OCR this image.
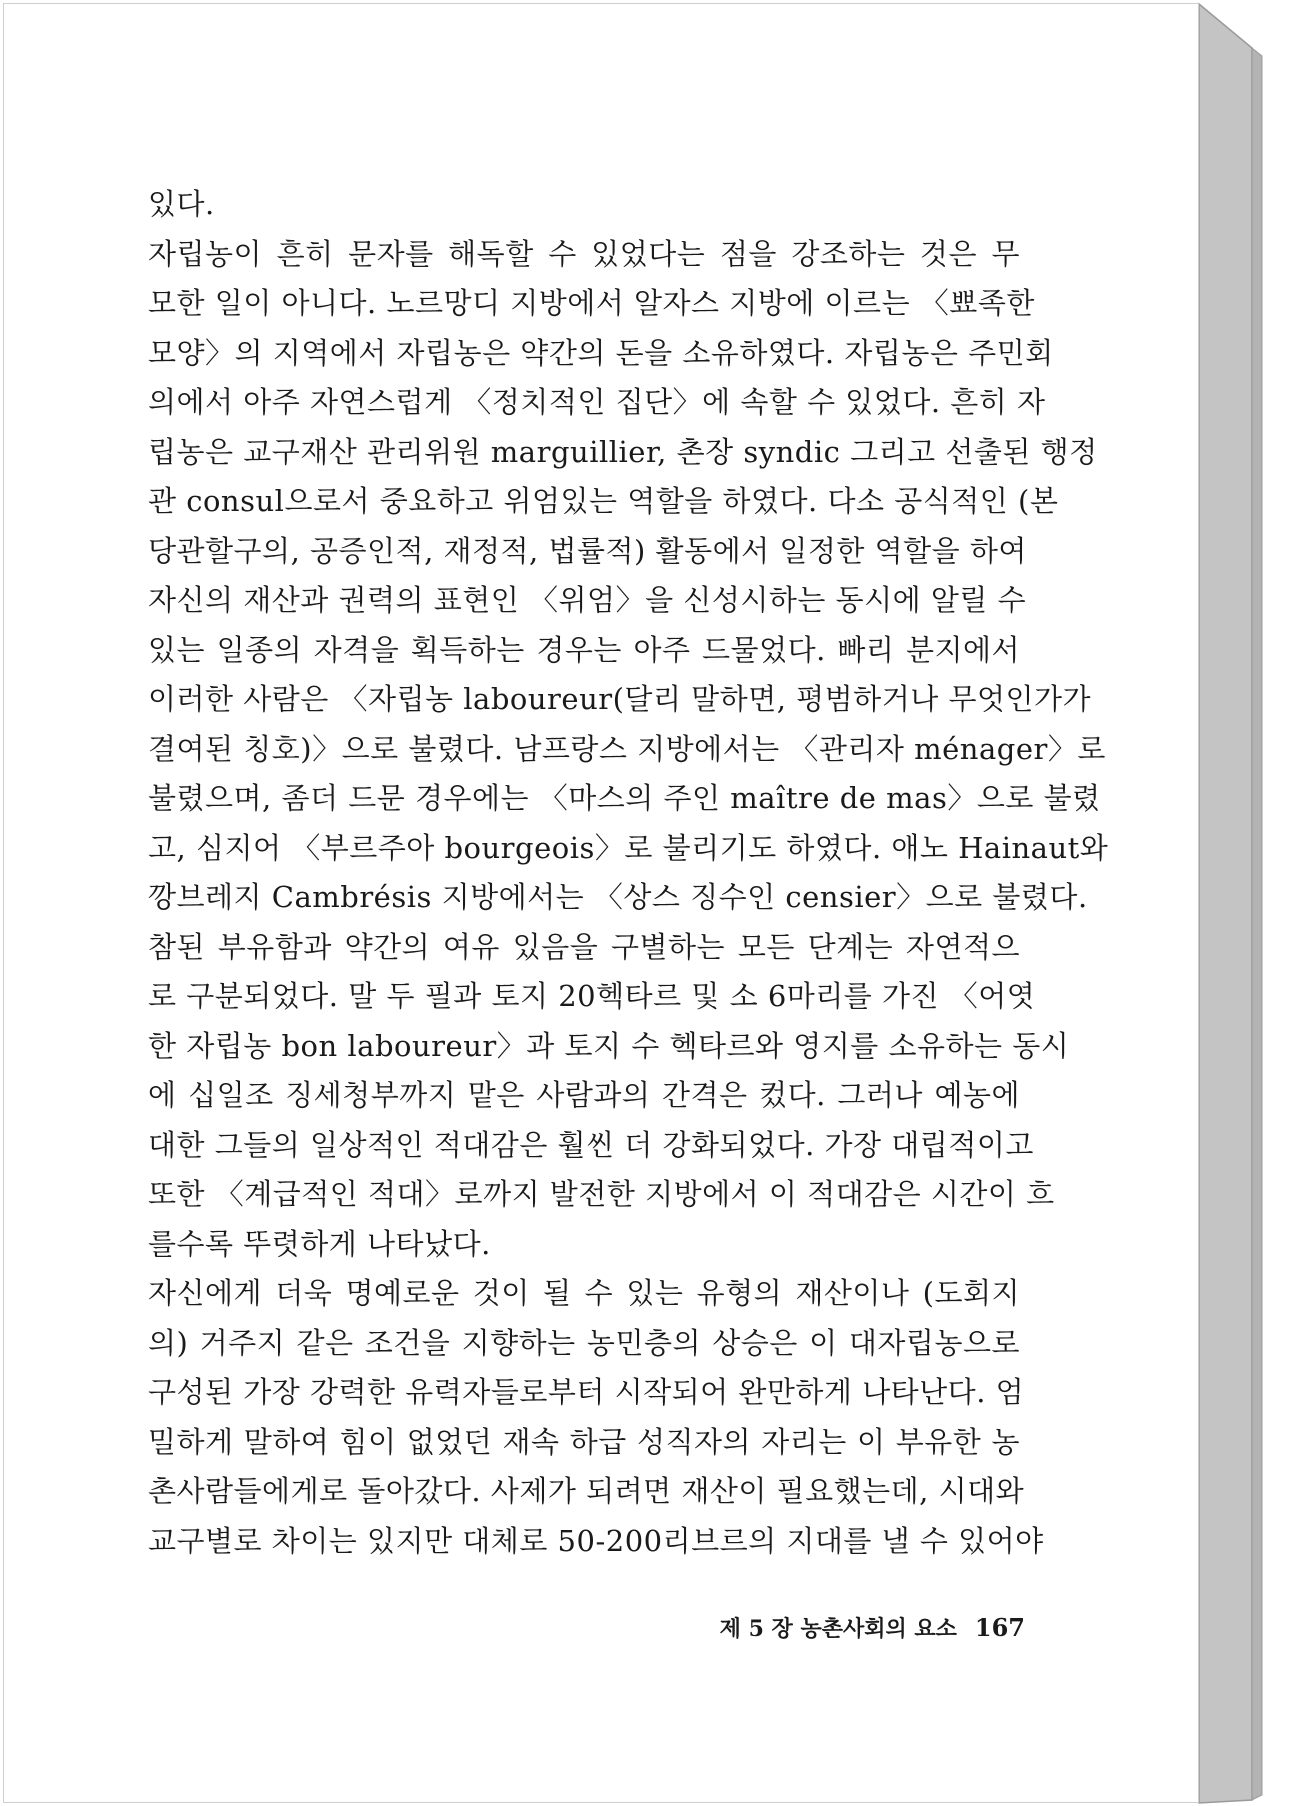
있다.
자립농이 흔히 문자를 해독할 수 있었다는 점을 강조하는 것은 무
모한 일이 아니다. 노르망디 지방에서 알자스 지방에 이르는 〈뾰족한
모양〉의 지역에서 자립농은 약간의 돈을 소유하였다. 자립농은 주민회
의에서 아주 자연스럽게 〈정치적인 집단〉에 속할 수 있었다. 흔히 자
립농은 교구재산 관리위원 marguillier, 촌장 syndic 그리고 선출된 행정
관 consul으로서 중요하고 위엄있는 역할을 하였다. 다소 공식적인 (본
당관할구의, 공증인적, 재정적, 법률적) 활동에서 일정한 역할을 하여
자신의 재산과 권력의 표현인 〈위엄〉을 신성시하는 동시에 알릴 수
있는 일종의 자격을 획득하는 경우는 아주 드물었다. 빠리 분지에서
이러한 사람은 〈자립농 laboureur(달리 말하면, 평범하거나 무엇인가가
결여된 칭호)〉으로 불렸다. 남프랑스 지방에서는 〈관리자 ménager〉로
불렸으며, 좀더 드문 경우에는 〈마스의 주인 maître de mas〉으로 불렸
고, 심지어 〈부르주아 bourgeois〉로 불리기도 하였다. 애노 Hainaut와
깡브레지 Cambrésis 지방에서는 〈상스 징수인 censier〉으로 불렸다.
참된 부유함과 약간의 여유 있음을 구별하는 모든 단계는 자연적으
로 구분되었다. 말 두 필과 토지 20헥타르 및 소 6마리를 가진 〈어엿
한 자립농 bon laboureur〉과 토지 수 헥타르와 영지를 소유하는 동시
에 십일조 징세청부까지 맡은 사람과의 간격은 컸다. 그러나 예농에
대한 그들의 일상적인 적대감은 훨씬 더 강화되었다. 가장 대립적이고
또한 〈계급적인 적대〉로까지 발전한 지방에서 이 적대감은 시간이 흐
를수록 뚜렷하게 나타났다.
자신에게 더욱 명예로운 것이 될 수 있는 유형의 재산이나 (도회지
의) 거주지 같은 조건을 지향하는 농민층의 상승은 이 대자립농으로
구성된 가장 강력한 유력자들로부터 시작되어 완만하게 나타난다. 엄
밀하게 말하여 힘이 없었던 재속 하급 성직자의 자리는 이 부유한 농
촌사람들에게로 돌아갔다. 사제가 되려면 재산이 필요했는데, 시대와
교구별로 차이는 있지만 대체로 50-200리브르의 지대를 낼 수 있어야
제 5 장 농촌사회의 요소 167
